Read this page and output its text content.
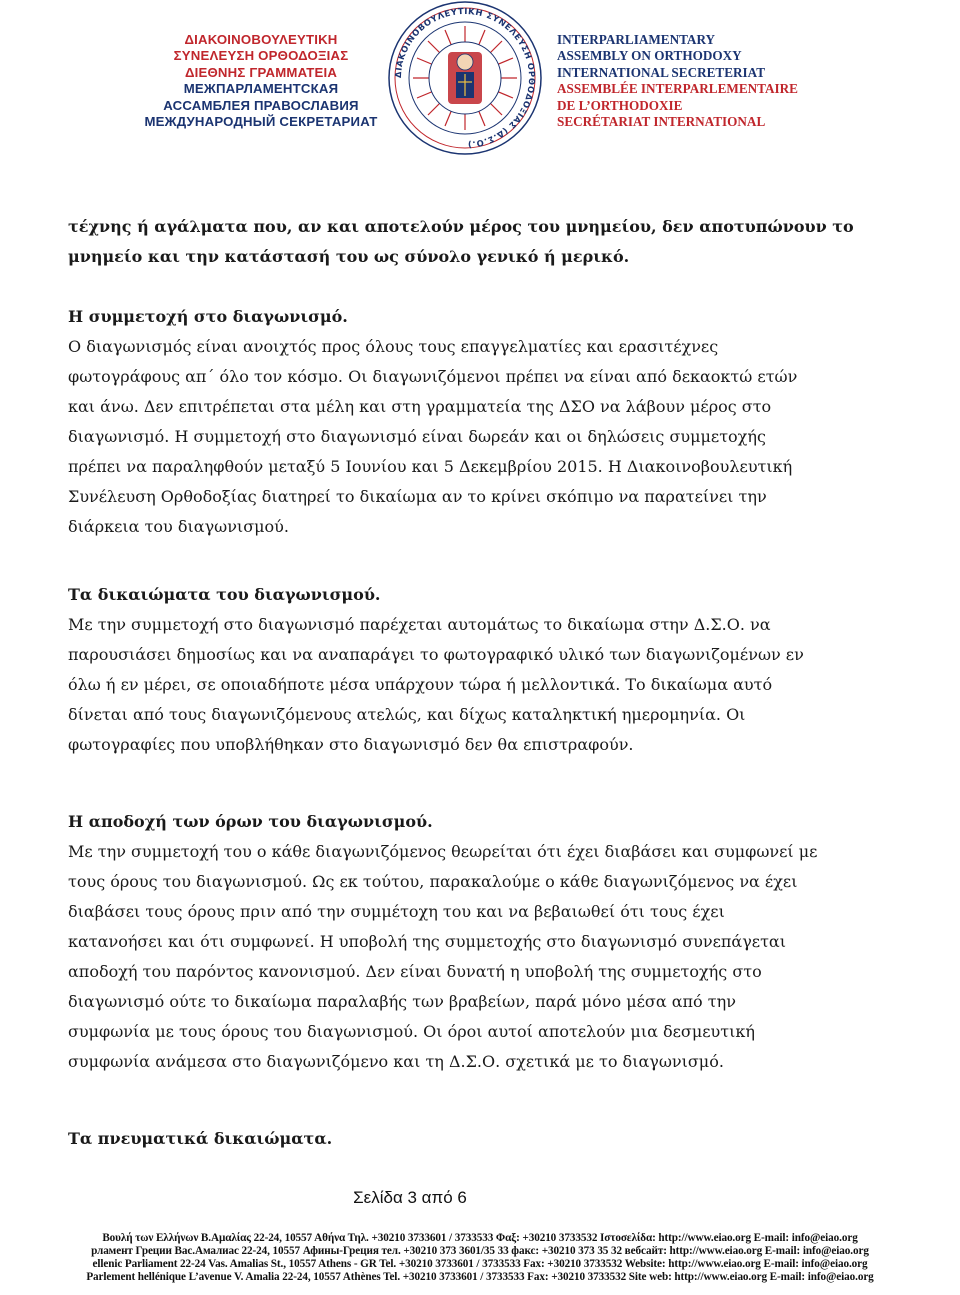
ΔΙΑΚΟΙΝΟΒΟΥΛΕΥΤΙΚΗ
ΣΥΝΕΛΕΥΣΗ ΟΡΘΟΔΟΞΙΑΣ
ΔΙΕΘΝΗΣ ΓΡΑΜΜΑΤΕΙΑ
МЕЖПАРЛАМЕНТСКАЯ
АССАМБЛЕЯ ПРАВОСЛАВИЯ
МЕЖДУНАРОДНЫЙ СЕКРЕТАРИАТ
ΔΙΑΚΟΙΝΟΒΟΥΛΕΥΤΙΚΗ ΣΥΝΕΛΕΥΣΗ ΟΡΘΟΔΟΞΙΑΣ (Δ.Σ.Ο.)
INTERPARLIAMENTARY
ASSEMBLY ON ORTHODOXY
INTERNATIONAL SECRETERIAT
ASSEMBLÉE INTERPARLEMENTAIRE
DE L’ORTHODOXIE
SECRÉTARIAT INTERNATIONAL

τέχνης ή αγάλματα που, αν και αποτελούν μέρος του μνημείου, δεν αποτυπώνουν το

μνημείο και την κατάστασή του ως σύνολο γενικό ή μερικό.

Η συμμετοχή στο διαγωνισμό.

Ο διαγωνισμός είναι ανοιχτός προς όλους τους επαγγελματίες και ερασιτέχνες

φωτογράφους απ΄ όλο τον κόσμο. Οι διαγωνιζόμενοι πρέπει να είναι από δεκαοκτώ ετών

και άνω. Δεν επιτρέπεται στα μέλη και στη γραμματεία της ΔΣΟ να λάβουν μέρος στο

διαγωνισμό. Η συμμετοχή στο διαγωνισμό είναι δωρεάν και οι δηλώσεις συμμετοχής

πρέπει να παραληφθούν μεταξύ 5 Ιουνίου και 5 Δεκεμβρίου 2015. Η Διακοινοβουλευτική

Συνέλευση Ορθοδοξίας διατηρεί το δικαίωμα αν το κρίνει σκόπιμο να παρατείνει την

διάρκεια του διαγωνισμού.

Τα δικαιώματα του διαγωνισμού.

Με την συμμετοχή στο διαγωνισμό παρέχεται αυτομάτως το δικαίωμα στην Δ.Σ.Ο. να

παρουσιάσει δημοσίως και να αναπαράγει το φωτογραφικό υλικό των διαγωνιζομένων εν

όλω ή εν μέρει, σε οποιαδήποτε μέσα υπάρχουν τώρα ή μελλοντικά. Το δικαίωμα αυτό

δίνεται από τους διαγωνιζόμενους ατελώς, και δίχως καταληκτική ημερομηνία. Οι

φωτογραφίες που υποβλήθηκαν στο διαγωνισμό δεν θα επιστραφούν.

Η αποδοχή των όρων του διαγωνισμού.

Με την συμμετοχή του ο κάθε διαγωνιζόμενος θεωρείται ότι έχει διαβάσει και συμφωνεί με

τους όρους του διαγωνισμού. Ως εκ τούτου, παρακαλούμε ο κάθε διαγωνιζόμενος να έχει

διαβάσει τους όρους πριν από την συμμέτοχη του και να βεβαιωθεί ότι τους έχει

κατανοήσει και ότι συμφωνεί. Η υποβολή της συμμετοχής στο διαγωνισμό συνεπάγεται

αποδοχή του παρόντος κανονισμού. Δεν είναι δυνατή η υποβολή της συμμετοχής στο

διαγωνισμό ούτε το δικαίωμα παραλαβής των βραβείων, παρά μόνο μέσα από την

συμφωνία με τους όρους του διαγωνισμού. Οι όροι αυτοί αποτελούν μια δεσμευτική

συμφωνία ανάμεσα στο διαγωνιζόμενο και τη Δ.Σ.Ο. σχετικά με το διαγωνισμό.

Τα πνευματικά δικαιώματα.

Σελίδα 3 από 6
Βουλή των Ελλήνων Β.Αμαλίας 22-24, 10557 Αθήνα Τηλ. +30210 3733601 / 3733533 Φαξ: +30210 3733532 Ιστοσελίδα: http://www.eiao.org E-mail: info@eiao.org
рламент Греции Вас.Амалиас 22-24, 10557 Афины-Греция тел. +30210 373 3601/35 33 факс: +30210 373 35 32 вебсайт: http://www.eiao.org E-mail: info@eiao.org
ellenic Parliament 22-24 Vas. Amalias St., 10557 Athens - GR Tel. +30210 3733601 / 3733533 Fax: +30210 3733532 Website: http://www.eiao.org E-mail: info@eiao.org
Parlement hellénique L’avenue V. Amalia 22-24, 10557 Athènes Tel. +30210 3733601 / 3733533 Fax: +30210 3733532 Site web: http://www.eiao.org E-mail: info@eiao.org
